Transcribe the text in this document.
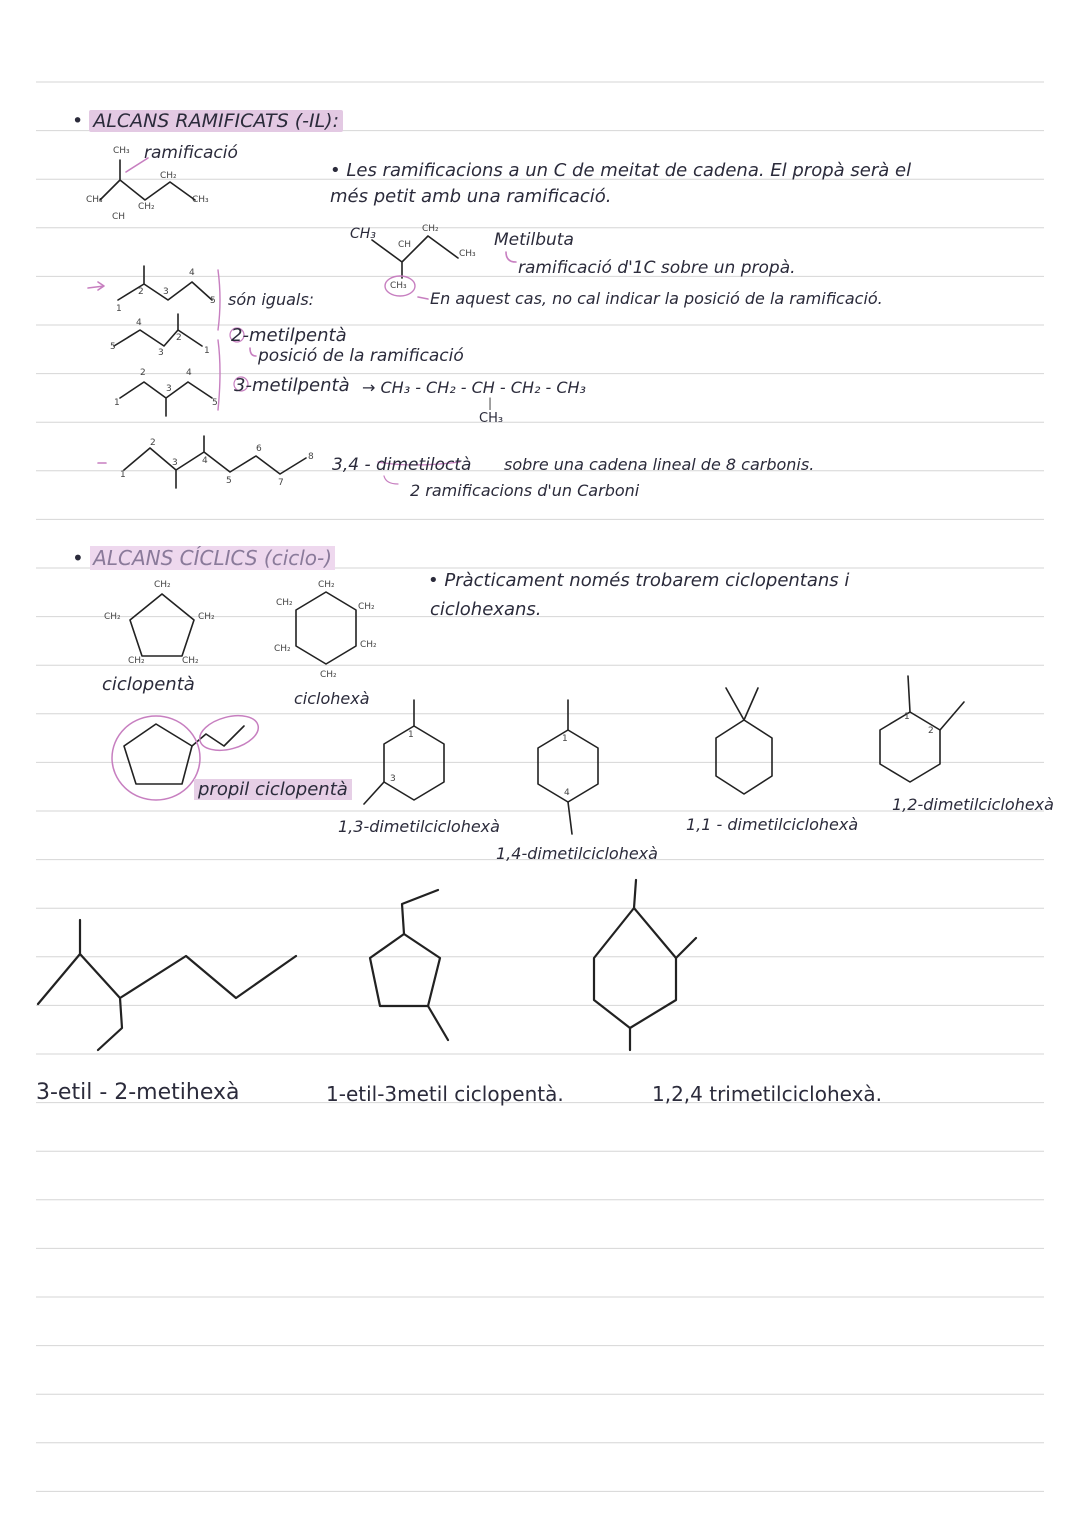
• ALCANS RAMIFICATS (-IL):
CH₃ ramificació
CH₂
CH₃
CH₂
CH₃
CH
• Les ramificacions a un C de meitat de cadena. El propà serà el
més petit amb una ramificació.
CH₃
CH
CH₂
CH₃
CH₃
Metilbuta
ramificació d'1C sobre un propà.
En aquest cas, no cal indicar la posició de la ramificació.
1
2 3
4
5
5
4
3
2
1
1
2
3
4
5
1
2
3	4
5
6
7
8
són iguals:
2-metilpentà
posició de la ramificació
3-metilpentà → CH₃ - CH₂ - CH - CH₂ - CH₃
|
CH₃
3,4 - dimetiloctà sobre una cadena lineal de 8 carbonis.
2 ramificacions d'un Carboni
• ALCANS CÍCLICS (ciclo-)
• Pràcticament només trobarem ciclopentans i
ciclohexans.
CH₂
CH₂	CH₂
CH₂	CH₂
ciclopentà
CH₂
CH₂	CH₂
CH₂	CH₂
CH₂
ciclohexà
propil ciclopentà
1
3
1
4
1
2
1,3-dimetilciclohexà
1,4-dimetilciclohexà
1,1 - dimetilciclohexà
1,2-dimetilciclohexà
3-etil - 2-metihexà	1-etil-3metil ciclopentà.	1,2,4 trimetilciclohexà.
